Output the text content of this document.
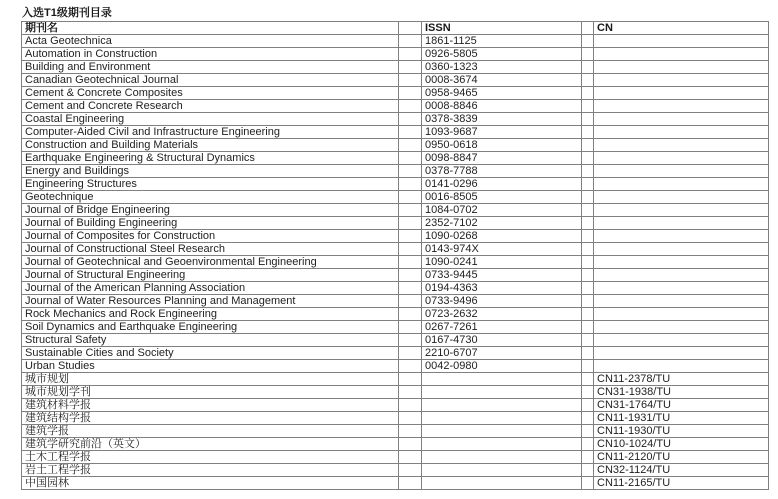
入选T1级期刊目录
期刊名		ISSN		CN
Acta Geotechnica		1861-1125		
Automation in Construction		0926-5805		
Building and Environment		0360-1323		
Canadian Geotechnical Journal		0008-3674		
Cement & Concrete Composites		0958-9465		
Cement and Concrete Research		0008-8846		
Coastal Engineering		0378-3839		
Computer-Aided Civil and Infrastructure Engineering		1093-9687		
Construction and Building Materials		0950-0618		
Earthquake Engineering & Structural Dynamics		0098-8847		
Energy and Buildings		0378-7788		
Engineering Structures		0141-0296		
Geotechnique		0016-8505		
Journal of Bridge Engineering		1084-0702		
Journal of Building Engineering		2352-7102		
Journal of Composites for Construction		1090-0268		
Journal of Constructional Steel Research		0143-974X		
Journal of Geotechnical and Geoenvironmental Engineering		1090-0241		
Journal of Structural Engineering		0733-9445		
Journal of the American Planning Association		0194-4363		
Journal of Water Resources Planning and Management		0733-9496		
Rock Mechanics and Rock Engineering		0723-2632		
Soil Dynamics and Earthquake Engineering		0267-7261		
Structural Safety		0167-4730		
Sustainable Cities and Society		2210-6707		
Urban Studies		0042-0980		
城市规划				CN11-2378/TU
城市规划学刊				CN31-1938/TU
建筑材料学报				CN31-1764/TU
建筑结构学报				CN11-1931/TU
建筑学报				CN11-1930/TU
建筑学研究前沿（英文）				CN10-1024/TU
土木工程学报				CN11-2120/TU
岩土工程学报				CN32-1124/TU
中国园林				CN11-2165/TU
